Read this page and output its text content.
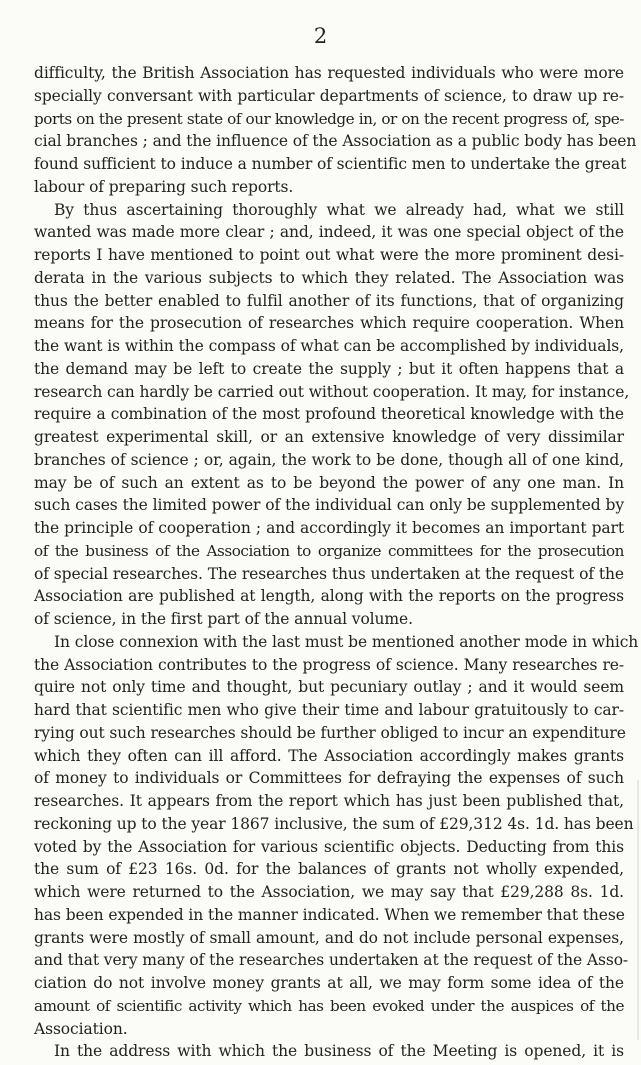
2
difficulty, the British Association has requested individuals who were more
specially conversant with particular departments of science, to draw up re-
ports on the present state of our knowledge in, or on the recent progress of, spe-
cial branches ; and the influence of the Association as a public body has been
found sufficient to induce a number of scientific men to undertake the great
labour of preparing such reports.
By thus ascertaining thoroughly what we already had, what we still
wanted was made more clear ; and, indeed, it was one special object of the
reports I have mentioned to point out what were the more prominent desi-
derata in the various subjects to which they related. The Association was
thus the better enabled to fulfil another of its functions, that of organizing
means for the prosecution of researches which require cooperation. When
the want is within the compass of what can be accomplished by individuals,
the demand may be left to create the supply ; but it often happens that a
research can hardly be carried out without cooperation. It may, for instance,
require a combination of the most profound theoretical knowledge with the
greatest experimental skill, or an extensive knowledge of very dissimilar
branches of science ; or, again, the work to be done, though all of one kind,
may be of such an extent as to be beyond the power of any one man. In
such cases the limited power of the individual can only be supplemented by
the principle of cooperation ; and accordingly it becomes an important part
of the business of the Association to organize committees for the prosecution
of special researches. The researches thus undertaken at the request of the
Association are published at length, along with the reports on the progress
of science, in the first part of the annual volume.
In close connexion with the last must be mentioned another mode in which
the Association contributes to the progress of science. Many researches re-
quire not only time and thought, but pecuniary outlay ; and it would seem
hard that scientific men who give their time and labour gratuitously to car-
rying out such researches should be further obliged to incur an expenditure
which they often can ill afford. The Association accordingly makes grants
of money to individuals or Committees for defraying the expenses of such
researches. It appears from the report which has just been published that,
reckoning up to the year 1867 inclusive, the sum of £29,312 4s. 1d. has been
voted by the Association for various scientific objects. Deducting from this
the sum of £23 16s. 0d. for the balances of grants not wholly expended,
which were returned to the Association, we may say that £29,288 8s. 1d.
has been expended in the manner indicated. When we remember that these
grants were mostly of small amount, and do not include personal expenses,
and that very many of the researches undertaken at the request of the Asso-
ciation do not involve money grants at all, we may form some idea of the
amount of scientific activity which has been evoked under the auspices of the
Association.
In the address with which the business of the Meeting is opened, it is
